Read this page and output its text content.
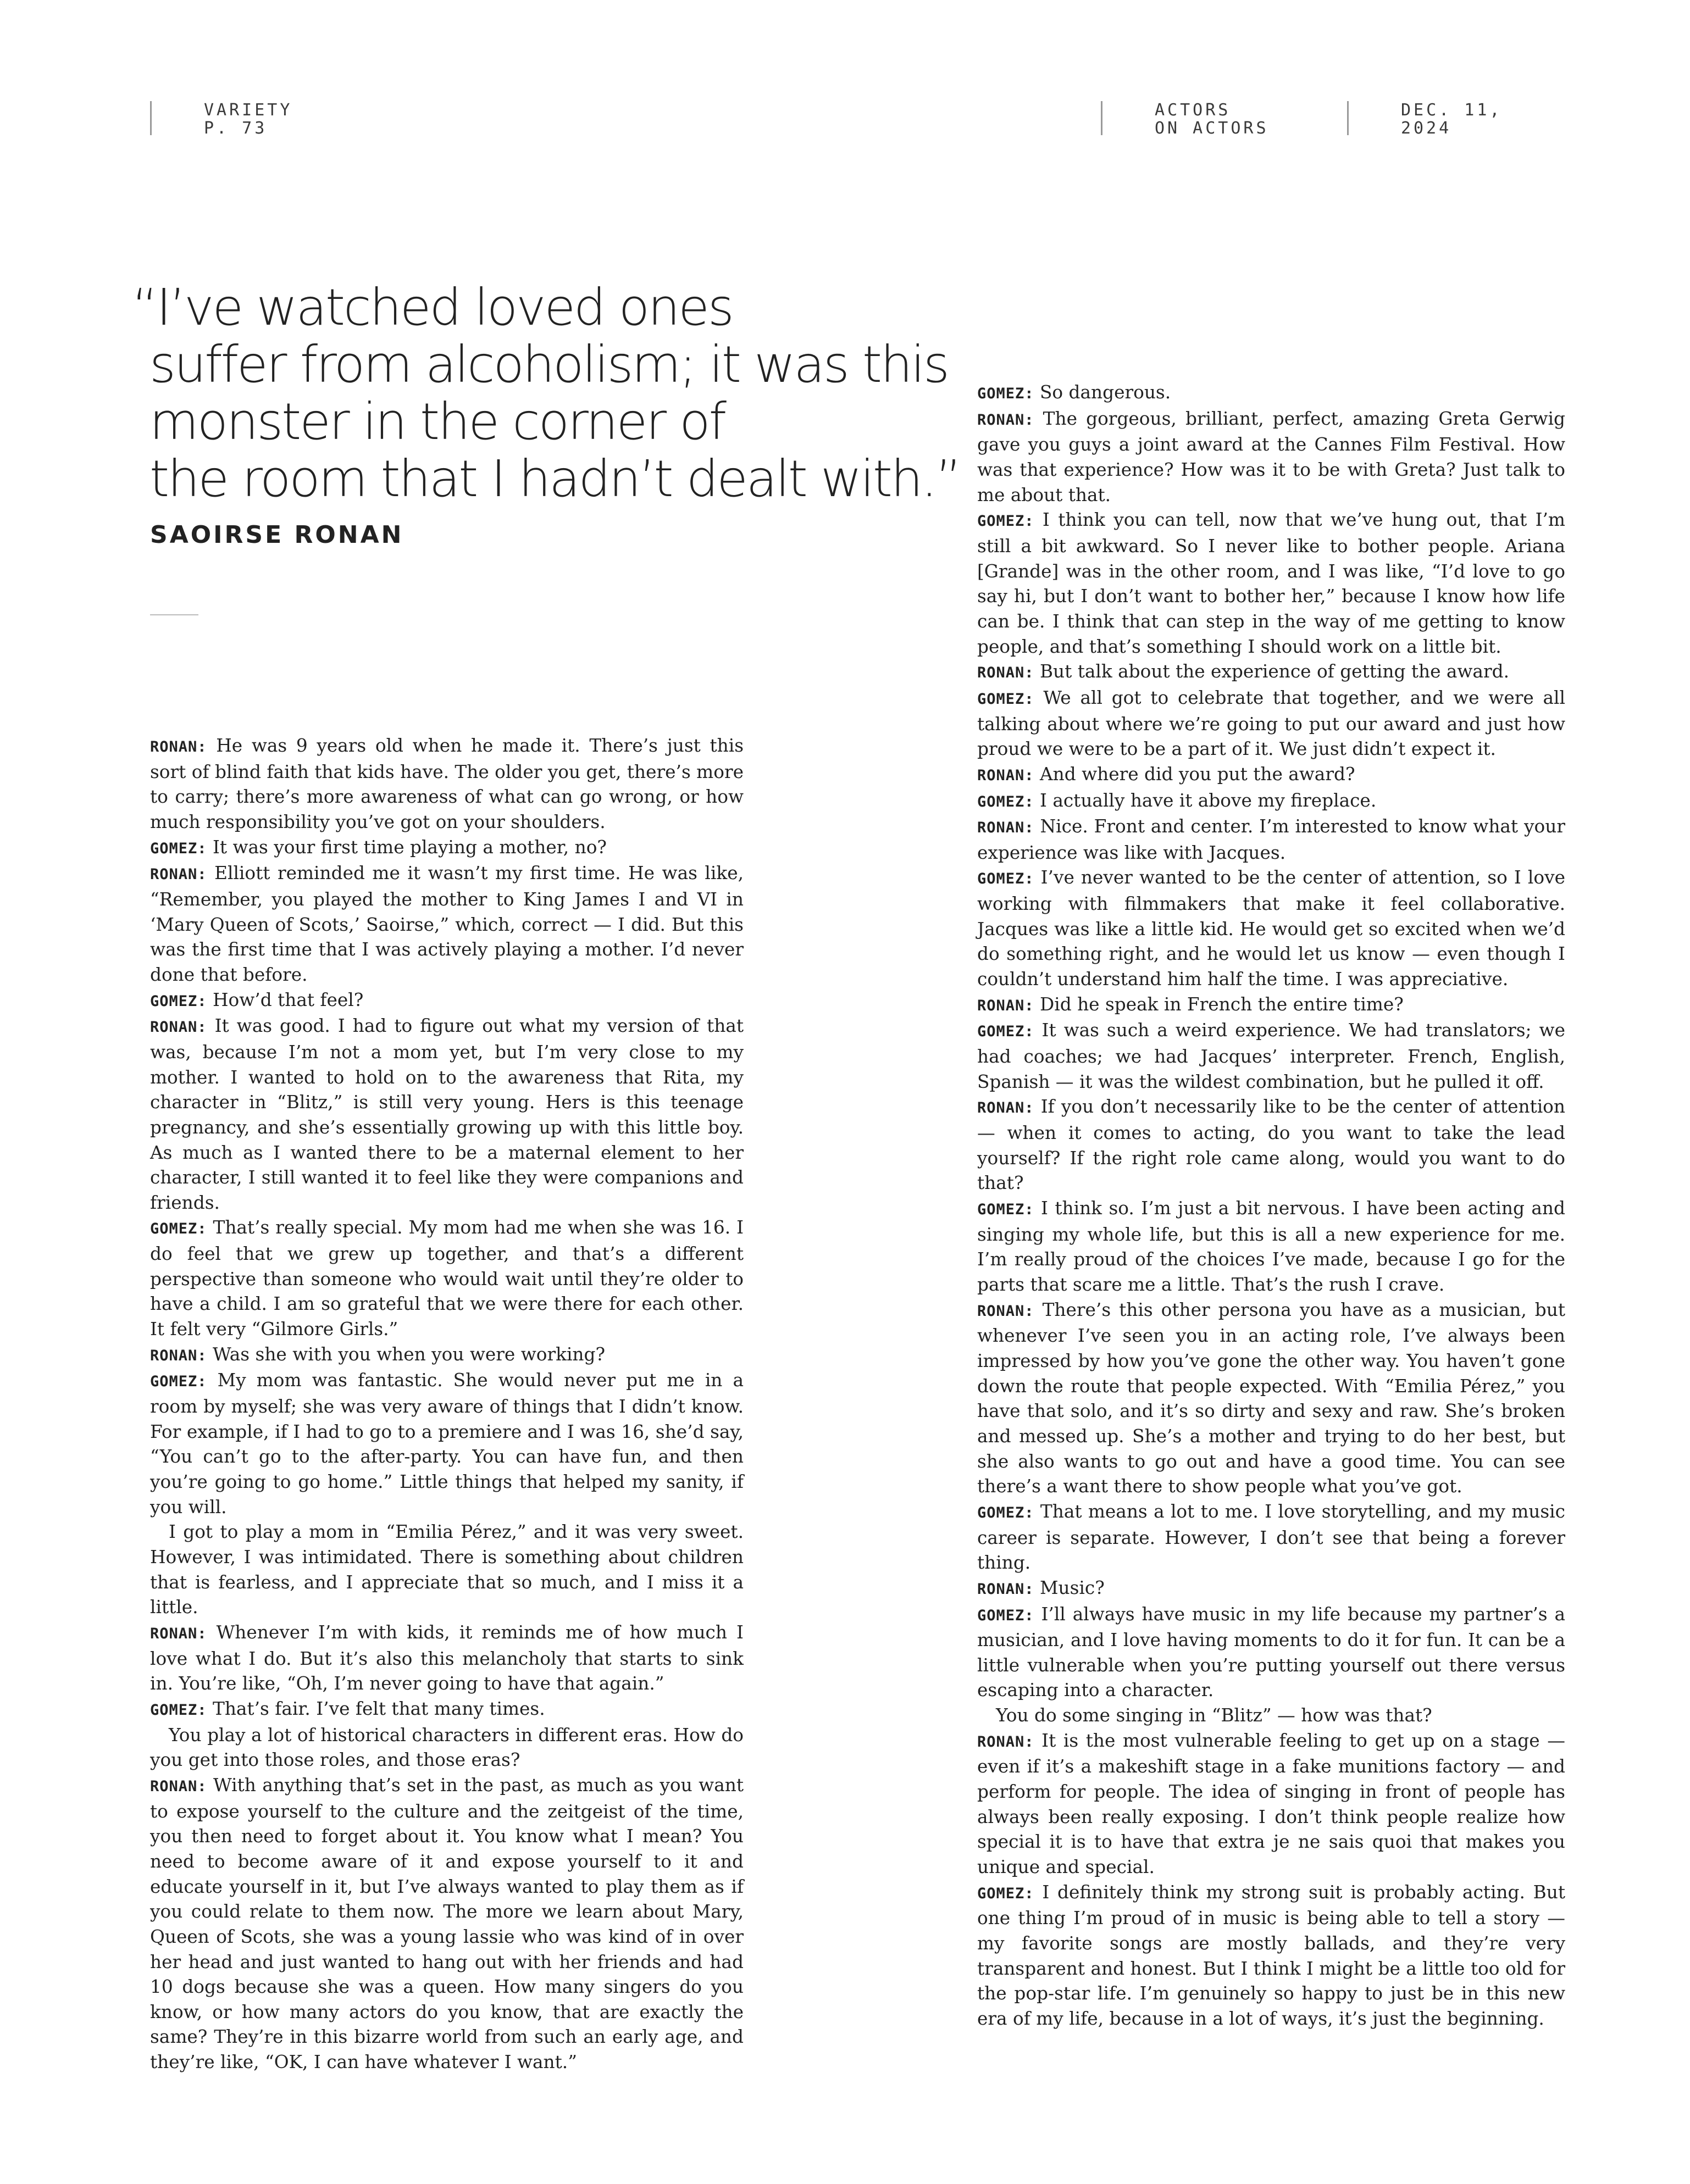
VARIETY
P. 73
ACTORS
ON ACTORS
DEC. 11,
2024
“I’ve watched loved ones
suffer from alcoholism; it was this
monster in the corner of
the room that I hadn’t dealt with.”

SAOIRSE RONAN

RONAN: He was 9 years old when he made it. There’s just this sort of blind faith that kids have. The older you get, there’s more to carry; there’s more awareness of what can go wrong, or how much responsibility you’ve got on your shoulders.

GOMEZ: It was your first time playing a mother, no?

RONAN: Elliott reminded me it wasn’t my first time. He was like, “Remember, you played the mother to King James I and VI in ‘Mary Queen of Scots,’ Saoirse,” which, correct — I did. But this was the first time that I was actively playing a mother. I’d never done that before.

GOMEZ: How’d that feel?

RONAN: It was good. I had to figure out what my version of that was, because I’m not a mom yet, but I’m very close to my mother. I wanted to hold on to the awareness that Rita, my character in “Blitz,” is still very young. Hers is this teenage pregnancy, and she’s essentially growing up with this little boy. As much as I wanted there to be a maternal element to her character, I still wanted it to feel like they were companions and friends.

GOMEZ: That’s really special. My mom had me when she was 16. I do feel that we grew up together, and that’s a different perspective than someone who would wait until they’re older to have a child. I am so grateful that we were there for each other. It felt very “Gilmore Girls.”

RONAN: Was she with you when you were working?

GOMEZ: My mom was fantastic. She would never put me in a room by myself; she was very aware of things that I didn’t know. For example, if I had to go to a premiere and I was 16, she’d say, “You can’t go to the after-party. You can have fun, and then you’re going to go home.” Little things that helped my sanity, if you will.

I got to play a mom in “Emilia Pérez,” and it was very sweet. However, I was intimidated. There is something about children that is fearless, and I appreciate that so much, and I miss it a little.

RONAN: Whenever I’m with kids, it reminds me of how much I love what I do. But it’s also this melancholy that starts to sink in. You’re like, “Oh, I’m never going to have that again.”

GOMEZ: That’s fair. I’ve felt that many times.

You play a lot of historical characters in different eras. How do you get into those roles, and those eras?

RONAN: With anything that’s set in the past, as much as you want to expose yourself to the culture and the zeitgeist of the time, you then need to forget about it. You know what I mean? You need to become aware of it and expose yourself to it and educate yourself in it, but I’ve always wanted to play them as if you could relate to them now. The more we learn about Mary, Queen of Scots, she was a young lassie who was kind of in over her head and just wanted to hang out with her friends and had 10 dogs because she was a queen. How many singers do you know, or how many actors do you know, that are exactly the same? They’re in this bizarre world from such an early age, and they’re like, “OK, I can have whatever I want.”

GOMEZ: So dangerous.

RONAN: The gorgeous, brilliant, perfect, amazing Greta Gerwig gave you guys a joint award at the Cannes Film Festival. How was that experience? How was it to be with Greta? Just talk to me about that.

GOMEZ: I think you can tell, now that we’ve hung out, that I’m still a bit awkward. So I never like to bother people. Ariana [Grande] was in the other room, and I was like, “I’d love to go say hi, but I don’t want to bother her,” because I know how life can be. I think that can step in the way of me getting to know people, and that’s something I should work on a little bit.

RONAN: But talk about the experience of getting the award.

GOMEZ: We all got to celebrate that together, and we were all talking about where we’re going to put our award and just how proud we were to be a part of it. We just didn’t expect it.

RONAN: And where did you put the award?

GOMEZ: I actually have it above my fireplace.

RONAN: Nice. Front and center. I’m interested to know what your experience was like with Jacques.

GOMEZ: I’ve never wanted to be the center of attention, so I love working with filmmakers that make it feel collaborative. Jacques was like a little kid. He would get so excited when we’d do something right, and he would let us know — even though I couldn’t understand him half the time. I was appreciative.

RONAN: Did he speak in French the entire time?

GOMEZ: It was such a weird experience. We had translators; we had coaches; we had Jacques’ interpreter. French, English, Spanish — it was the wildest combination, but he pulled it off.

RONAN: If you don’t necessarily like to be the center of attention — when it comes to acting, do you want to take the lead yourself? If the right role came along, would you want to do that?

GOMEZ: I think so. I’m just a bit nervous. I have been acting and singing my whole life, but this is all a new experience for me. I’m really proud of the choices I’ve made, because I go for the parts that scare me a little. That’s the rush I crave.

RONAN: There’s this other persona you have as a musician, but whenever I’ve seen you in an acting role, I’ve always been impressed by how you’ve gone the other way. You haven’t gone down the route that people expected. With “Emilia Pérez,” you have that solo, and it’s so dirty and sexy and raw. She’s broken and messed up. She’s a mother and trying to do her best, but she also wants to go out and have a good time. You can see there’s a want there to show people what you’ve got.

GOMEZ: That means a lot to me. I love storytelling, and my music career is separate. However, I don’t see that being a forever thing.

RONAN: Music?

GOMEZ: I’ll always have music in my life because my partner’s a musician, and I love having moments to do it for fun. It can be a little vulnerable when you’re putting yourself out there versus escaping into a character.

You do some singing in “Blitz” — how was that?

RONAN: It is the most vulnerable feeling to get up on a stage — even if it’s a makeshift stage in a fake munitions factory — and perform for people. The idea of singing in front of people has always been really exposing. I don’t think people realize how special it is to have that extra je ne sais quoi that makes you unique and special.

GOMEZ: I definitely think my strong suit is probably acting. But one thing I’m proud of in music is being able to tell a story — my favorite songs are mostly ballads, and they’re very transparent and honest. But I think I might be a little too old for the pop-star life. I’m genuinely so happy to just be in this new era of my life, because in a lot of ways, it’s just the beginning.
